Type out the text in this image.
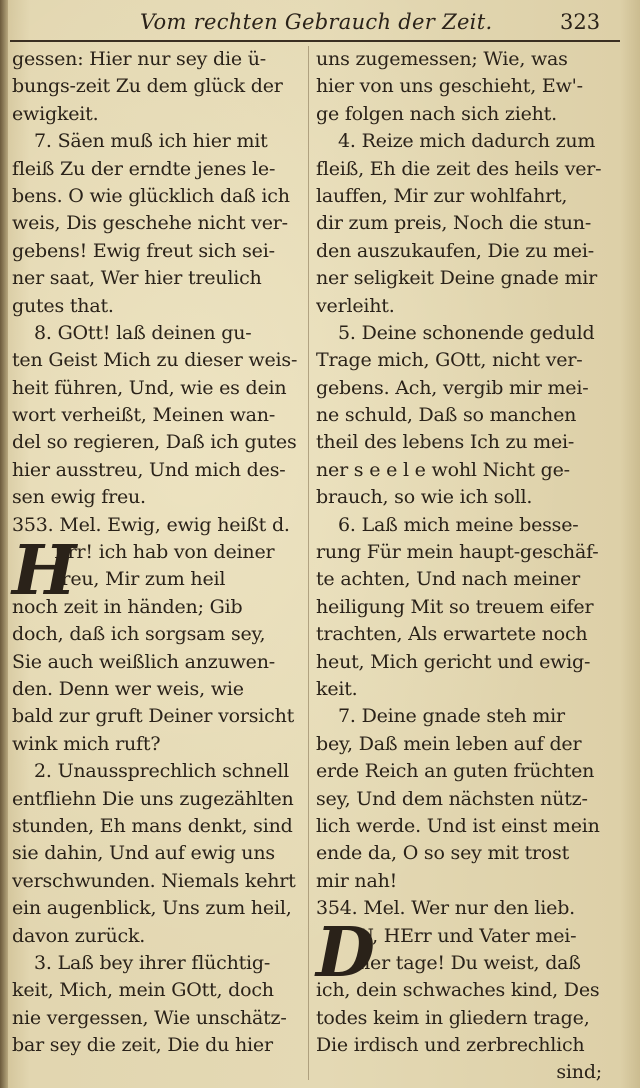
Vom rechten Gebrauch der Zeit.	323
gessen: Hier nur sey die ü-
bungs-zeit Zu dem glück der
ewigkeit.
7. Säen muß ich hier mit
fleiß Zu der erndte jenes le-
bens. O wie glücklich daß ich
weis, Dis geschehe nicht ver-
gebens! Ewig freut sich sei-
ner saat, Wer hier treulich
gutes that.
8. GOtt! laß deinen gu-
ten Geist Mich zu dieser weis-
heit führen, Und, wie es dein
wort verheißt, Meinen wan-
del so regieren, Daß ich gutes
hier ausstreu, Und mich des-
sen ewig freu.
353. Mel. Ewig, ewig heißt d.
H
Err! ich hab von deiner
treu, Mir zum heil
noch zeit in händen; Gib
doch, daß ich sorgsam sey,
Sie auch weißlich anzuwen-
den. Denn wer weis, wie
bald zur gruft Deiner vorsicht
wink mich ruft?
2. Unaussprechlich schnell
entfliehn Die uns zugezählten
stunden, Eh mans denkt, sind
sie dahin, Und auf ewig uns
verschwunden. Niemals kehrt
ein augenblick, Uns zum heil,
davon zurück.
3. Laß bey ihrer flüchtig-
keit, Mich, mein GOtt, doch
nie vergessen, Wie unschätz-
bar sey die zeit, Die du hier
uns zugemessen; Wie, was
hier von uns geschieht, Ew'-
ge folgen nach sich zieht.
4. Reize mich dadurch zum
fleiß, Eh die zeit des heils ver-
lauffen, Mir zur wohlfahrt,
dir zum preis, Noch die stun-
den auszukaufen, Die zu mei-
ner seligkeit Deine gnade mir
verleiht.
5. Deine schonende geduld
Trage mich, GOtt, nicht ver-
gebens. Ach, vergib mir mei-
ne schuld, Daß so manchen
theil des lebens Ich zu mei-
ner s e e l e wohl Nicht ge-
brauch, so wie ich soll.
6. Laß mich meine besse-
rung Für mein haupt-geschäf-
te achten, Und nach meiner
heiligung Mit so treuem eifer
trachten, Als erwartete noch
heut, Mich gericht und ewig-
keit.
7. Deine gnade steh mir
bey, Daß mein leben auf der
erde Reich an guten früchten
sey, Und dem nächsten nütz-
lich werde. Und ist einst mein
ende da, O so sey mit trost
mir nah!
354. Mel. Wer nur den lieb.
D
U, HErr und Vater mei-
ner tage! Du weist, daß
ich, dein schwaches kind, Des
todes keim in gliedern trage,
Die irdisch und zerbrechlich
sind;
